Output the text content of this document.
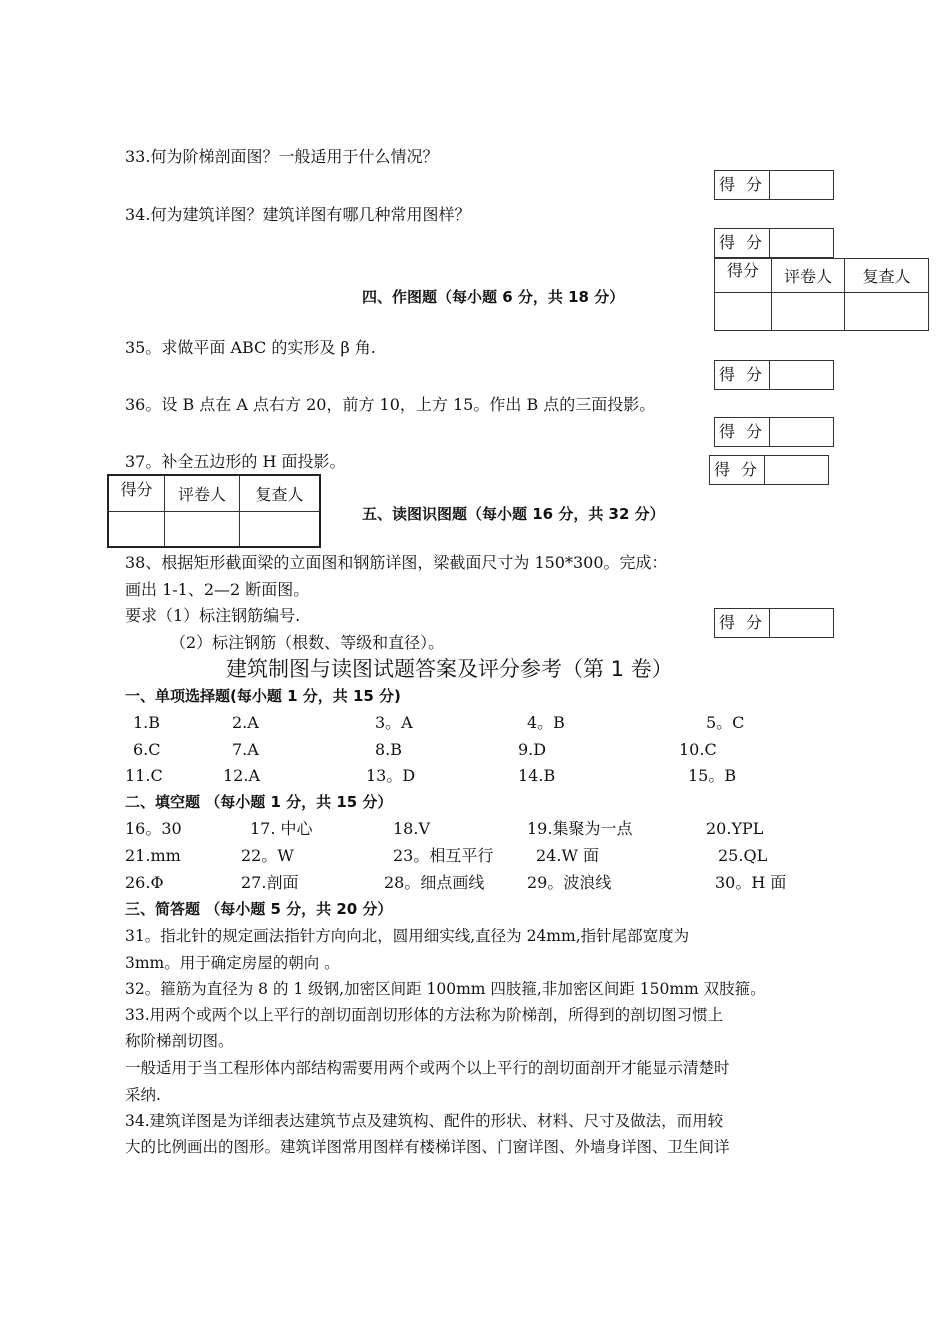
33.何为阶梯剖面图？一般适用于什么情况？
34.何为建筑详图？建筑详图有哪几种常用图样？
得 分
得 分
得分	评卷人	复查人

四、作图题（每小题 6 分，共 18 分）
35。求做平面 ABC 的实形及 β 角.
得 分
36。设 B 点在 A 点右方 20，前方 10，上方 15。作出 B 点的三面投影。
得 分
37。补全五边形的 H 面投影。	得 分
得分	评卷人	复查人

五、读图识图题（每小题 16 分，共 32 分）
38、根据矩形截面梁的立面图和钢筋详图，梁截面尺寸为 150*300。完成：
画出 1-1、2—2 断面图。
要求（1）标注钢筋编号.
（2）标注钢筋（根数、等级和直径）。
得 分
建筑制图与读图试题答案及评分参考（第 1 卷）
一、单项选择题(每小题 1 分，共 15 分)
1.B	2.A	3。A	4。B	5。C
6.C	7.A	8.B	9.D	10.C
11.C	12.A	13。D	14.B	15。B
二、填空题 （每小题 1 分，共 15 分）
16。30	17. 中心	18.V	19.集聚为一点	20.YPL
21.mm	22。W	23。相互平行	24.W 面	25.QL
26.Φ	27.剖面	28。细点画线	29。波浪线	30。H 面
三、简答题 （每小题 5 分，共 20 分）
31。指北针的规定画法指针方向向北，圆用细实线,直径为 24mm,指针尾部宽度为
3mm。用于确定房屋的朝向 。
32。箍筋为直径为 8 的 1 级钢,加密区间距 100mm 四肢箍,非加密区间距 150mm 双肢箍。
33.用两个或两个以上平行的剖切面剖切形体的方法称为阶梯剖，所得到的剖切图习惯上
称阶梯剖切图。
一般适用于当工程形体内部结构需要用两个或两个以上平行的剖切面剖开才能显示清楚时
采纳.
34.建筑详图是为详细表达建筑节点及建筑构、配件的形状、材料、尺寸及做法，而用较
大的比例画出的图形。建筑详图常用图样有楼梯详图、门窗详图、外墙身详图、卫生间详
